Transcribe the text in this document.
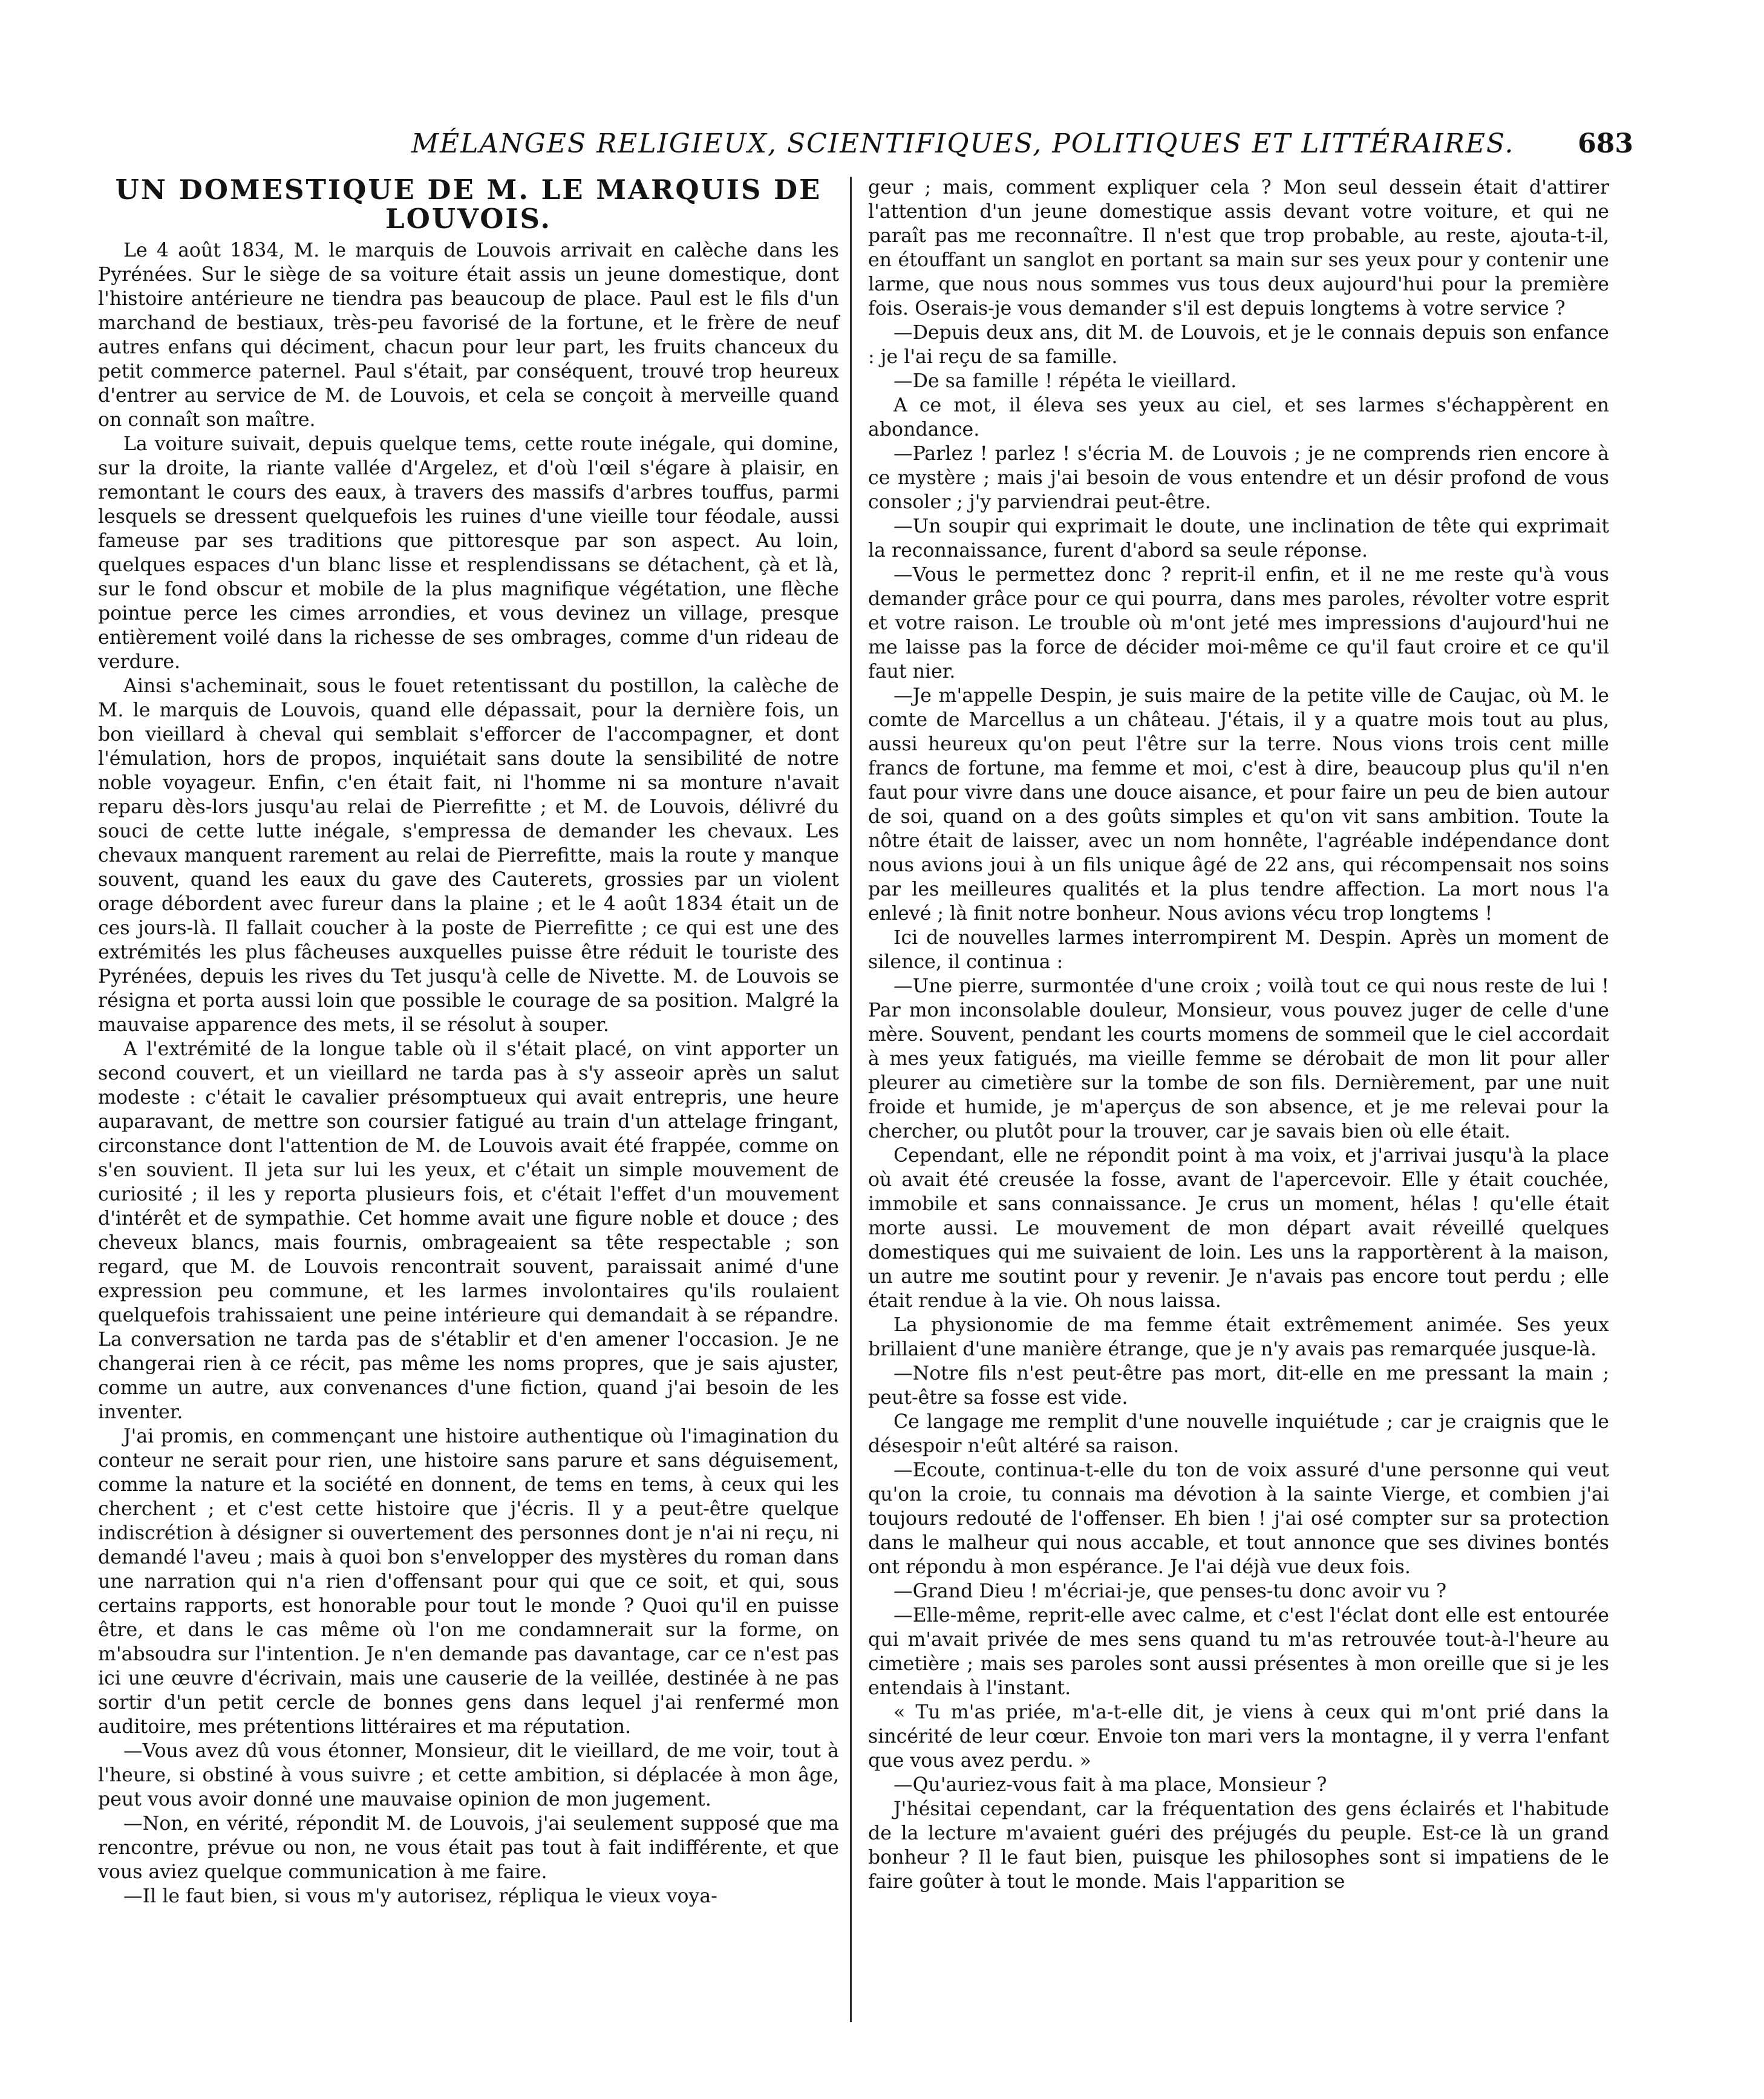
MÉLANGES RELIGIEUX, SCIENTIFIQUES, POLITIQUES ET LITTÉRAIRES. 683
UN DOMESTIQUE DE M. LE MARQUIS DE LOUVOIS.

Le 4 août 1834, M. le marquis de Louvois arrivait en calèche dans les Pyrénées. Sur le siège de sa voiture était assis un jeune domestique, dont l'histoire antérieure ne tiendra pas beaucoup de place. Paul est le fils d'un marchand de bestiaux, très-peu favorisé de la fortune, et le frère de neuf autres enfans qui déciment, chacun pour leur part, les fruits chanceux du petit commerce paternel. Paul s'était, par conséquent, trouvé trop heureux d'entrer au service de M. de Louvois, et cela se conçoit à merveille quand on connaît son maître.

La voiture suivait, depuis quelque tems, cette route inégale, qui domine, sur la droite, la riante vallée d'Argelez, et d'où l'œil s'égare à plaisir, en remontant le cours des eaux, à travers des massifs d'arbres touffus, parmi lesquels se dressent quelquefois les ruines d'une vieille tour féodale, aussi fameuse par ses traditions que pittoresque par son aspect. Au loin, quelques espaces d'un blanc lisse et resplendissans se détachent, çà et là, sur le fond obscur et mobile de la plus magnifique végétation, une flèche pointue perce les cimes arrondies, et vous devinez un village, presque entièrement voilé dans la richesse de ses ombrages, comme d'un rideau de verdure.

Ainsi s'acheminait, sous le fouet retentissant du postillon, la calèche de M. le marquis de Louvois, quand elle dépassait, pour la dernière fois, un bon vieillard à cheval qui semblait s'efforcer de l'accompagner, et dont l'émulation, hors de propos, inquiétait sans doute la sensibilité de notre noble voyageur. Enfin, c'en était fait, ni l'homme ni sa monture n'avait reparu dès-lors jusqu'au relai de Pierrefitte ; et M. de Louvois, délivré du souci de cette lutte inégale, s'empressa de demander les chevaux. Les chevaux manquent rarement au relai de Pierrefitte, mais la route y manque souvent, quand les eaux du gave des Cauterets, grossies par un violent orage débordent avec fureur dans la plaine ; et le 4 août 1834 était un de ces jours-là. Il fallait coucher à la poste de Pierrefitte ; ce qui est une des extrémités les plus fâcheuses auxquelles puisse être réduit le touriste des Pyrénées, depuis les rives du Tet jusqu'à celle de Nivette. M. de Louvois se résigna et porta aussi loin que possible le courage de sa position. Malgré la mauvaise apparence des mets, il se résolut à souper.

A l'extrémité de la longue table où il s'était placé, on vint apporter un second couvert, et un vieillard ne tarda pas à s'y asseoir après un salut modeste : c'était le cavalier présomptueux qui avait entrepris, une heure auparavant, de mettre son coursier fatigué au train d'un attelage fringant, circonstance dont l'attention de M. de Louvois avait été frappée, comme on s'en souvient. Il jeta sur lui les yeux, et c'était un simple mouvement de curiosité ; il les y reporta plusieurs fois, et c'était l'effet d'un mouvement d'intérêt et de sympathie. Cet homme avait une figure noble et douce ; des cheveux blancs, mais fournis, ombrageaient sa tête respectable ; son regard, que M. de Louvois rencontrait souvent, paraissait animé d'une expression peu commune, et les larmes involontaires qu'ils roulaient quelquefois trahissaient une peine intérieure qui demandait à se répandre. La conversation ne tarda pas de s'établir et d'en amener l'occasion. Je ne changerai rien à ce récit, pas même les noms propres, que je sais ajuster, comme un autre, aux convenances d'une fiction, quand j'ai besoin de les inventer.

J'ai promis, en commençant une histoire authentique où l'imagination du conteur ne serait pour rien, une histoire sans parure et sans déguisement, comme la nature et la société en donnent, de tems en tems, à ceux qui les cherchent ; et c'est cette histoire que j'écris. Il y a peut-être quelque indiscrétion à désigner si ouvertement des personnes dont je n'ai ni reçu, ni demandé l'aveu ; mais à quoi bon s'envelopper des mystères du roman dans une narration qui n'a rien d'offensant pour qui que ce soit, et qui, sous certains rapports, est honorable pour tout le monde ? Quoi qu'il en puisse être, et dans le cas même où l'on me condamnerait sur la forme, on m'absoudra sur l'intention. Je n'en demande pas davantage, car ce n'est pas ici une œuvre d'écrivain, mais une causerie de la veillée, destinée à ne pas sortir d'un petit cercle de bonnes gens dans lequel j'ai renfermé mon auditoire, mes prétentions littéraires et ma réputation.

—Vous avez dû vous étonner, Monsieur, dit le vieillard, de me voir, tout à l'heure, si obstiné à vous suivre ; et cette ambition, si déplacée à mon âge, peut vous avoir donné une mauvaise opinion de mon jugement.

—Non, en vérité, répondit M. de Louvois, j'ai seulement supposé que ma rencontre, prévue ou non, ne vous était pas tout à fait indifférente, et que vous aviez quelque communication à me faire.

—Il le faut bien, si vous m'y autorisez, répliqua le vieux voya-

geur ; mais, comment expliquer cela ? Mon seul dessein était d'attirer l'attention d'un jeune domestique assis devant votre voiture, et qui ne paraît pas me reconnaître. Il n'est que trop probable, au reste, ajouta-t-il, en étouffant un sanglot en portant sa main sur ses yeux pour y contenir une larme, que nous nous sommes vus tous deux aujourd'hui pour la première fois. Oserais-je vous demander s'il est depuis longtems à votre service ?

—Depuis deux ans, dit M. de Louvois, et je le connais depuis son enfance : je l'ai reçu de sa famille.

—De sa famille ! répéta le vieillard.

A ce mot, il éleva ses yeux au ciel, et ses larmes s'échappèrent en abondance.

—Parlez ! parlez ! s'écria M. de Louvois ; je ne comprends rien encore à ce mystère ; mais j'ai besoin de vous entendre et un désir profond de vous consoler ; j'y parviendrai peut-être.

—Un soupir qui exprimait le doute, une inclination de tête qui exprimait la reconnaissance, furent d'abord sa seule réponse.

—Vous le permettez donc ? reprit-il enfin, et il ne me reste qu'à vous demander grâce pour ce qui pourra, dans mes paroles, révolter votre esprit et votre raison. Le trouble où m'ont jeté mes impressions d'aujourd'hui ne me laisse pas la force de décider moi-même ce qu'il faut croire et ce qu'il faut nier.

—Je m'appelle Despin, je suis maire de la petite ville de Caujac, où M. le comte de Marcellus a un château. J'étais, il y a quatre mois tout au plus, aussi heureux qu'on peut l'être sur la terre. Nous vions trois cent mille francs de fortune, ma femme et moi, c'est à dire, beaucoup plus qu'il n'en faut pour vivre dans une douce aisance, et pour faire un peu de bien autour de soi, quand on a des goûts simples et qu'on vit sans ambition. Toute la nôtre était de laisser, avec un nom honnête, l'agréable indépendance dont nous avions joui à un fils unique âgé de 22 ans, qui récompensait nos soins par les meilleures qualités et la plus tendre affection. La mort nous l'a enlevé ; là finit notre bonheur. Nous avions vécu trop longtems !

Ici de nouvelles larmes interrompirent M. Despin. Après un moment de silence, il continua :

—Une pierre, surmontée d'une croix ; voilà tout ce qui nous reste de lui ! Par mon inconsolable douleur, Monsieur, vous pouvez juger de celle d'une mère. Souvent, pendant les courts momens de sommeil que le ciel accordait à mes yeux fatigués, ma vieille femme se dérobait de mon lit pour aller pleurer au cimetière sur la tombe de son fils. Dernièrement, par une nuit froide et humide, je m'aperçus de son absence, et je me relevai pour la chercher, ou plutôt pour la trouver, car je savais bien où elle était.

Cependant, elle ne répondit point à ma voix, et j'arrivai jusqu'à la place où avait été creusée la fosse, avant de l'apercevoir. Elle y était couchée, immobile et sans connaissance. Je crus un moment, hélas ! qu'elle était morte aussi. Le mouvement de mon départ avait réveillé quelques domestiques qui me suivaient de loin. Les uns la rapportèrent à la maison, un autre me soutint pour y revenir. Je n'avais pas encore tout perdu ; elle était rendue à la vie. Oh nous laissa.

La physionomie de ma femme était extrêmement animée. Ses yeux brillaient d'une manière étrange, que je n'y avais pas remarquée jusque-là.

—Notre fils n'est peut-être pas mort, dit-elle en me pressant la main ; peut-être sa fosse est vide.

Ce langage me remplit d'une nouvelle inquiétude ; car je craignis que le désespoir n'eût altéré sa raison.

—Ecoute, continua-t-elle du ton de voix assuré d'une personne qui veut qu'on la croie, tu connais ma dévotion à la sainte Vierge, et combien j'ai toujours redouté de l'offenser. Eh bien ! j'ai osé compter sur sa protection dans le malheur qui nous accable, et tout annonce que ses divines bontés ont répondu à mon espérance. Je l'ai déjà vue deux fois.

—Grand Dieu ! m'écriai-je, que penses-tu donc avoir vu ?

—Elle-même, reprit-elle avec calme, et c'est l'éclat dont elle est entourée qui m'avait privée de mes sens quand tu m'as retrouvée tout-à-l'heure au cimetière ; mais ses paroles sont aussi présentes à mon oreille que si je les entendais à l'instant.

« Tu m'as priée, m'a-t-elle dit, je viens à ceux qui m'ont prié dans la sincérité de leur cœur. Envoie ton mari vers la montagne, il y verra l'enfant que vous avez perdu. »

—Qu'auriez-vous fait à ma place, Monsieur ?

J'hésitai cependant, car la fréquentation des gens éclairés et l'habitude de la lecture m'avaient guéri des préjugés du peuple. Est-ce là un grand bonheur ? Il le faut bien, puisque les philosophes sont si impatiens de le faire goûter à tout le monde. Mais l'apparition se
